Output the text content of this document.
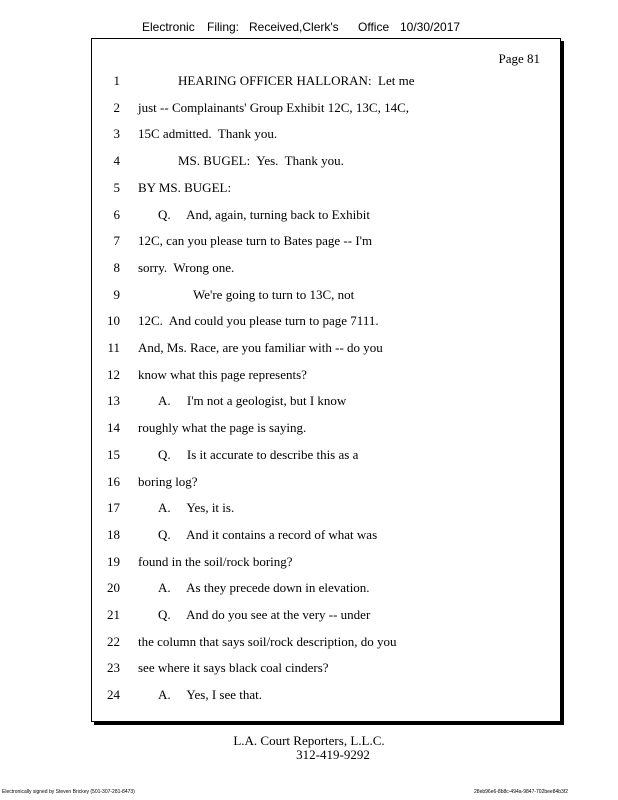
Electronic Filing: Received,Clerk's Office 10/30/2017
Page 81
1	HEARING OFFICER HALLORAN:  Let me
2 just -- Complainants' Group Exhibit 12C, 13C, 14C,
3 15C admitted.  Thank you.
4	MS. BUGEL:  Yes.  Thank you.
5 BY MS. BUGEL:
6	Q.     And, again, turning back to Exhibit
7 12C, can you please turn to Bates page -- I'm
8 sorry.  Wrong one.
9	We're going to turn to 13C, not
10 12C.  And could you please turn to page 7111.
11 And, Ms. Race, are you familiar with -- do you
12 know what this page represents?
13	A.     I'm not a geologist, but I know
14 roughly what the page is saying.
15	Q.     Is it accurate to describe this as a
16 boring log?
17	A.     Yes, it is.
18	Q.     And it contains a record of what was
19 found in the soil/rock boring?
20	A.     As they precede down in elevation.
21	Q.     And do you see at the very -- under
22 the column that says soil/rock description, do you
23 see where it says black coal cinders?
24	A.     Yes, I see that.
L.A. Court Reporters, L.L.C.
312-419-9292
Electronically signed by Steven Brickey (501-307-281-8473)	28eb96e6-8b8c-494a-9847-702bee84b3f2
